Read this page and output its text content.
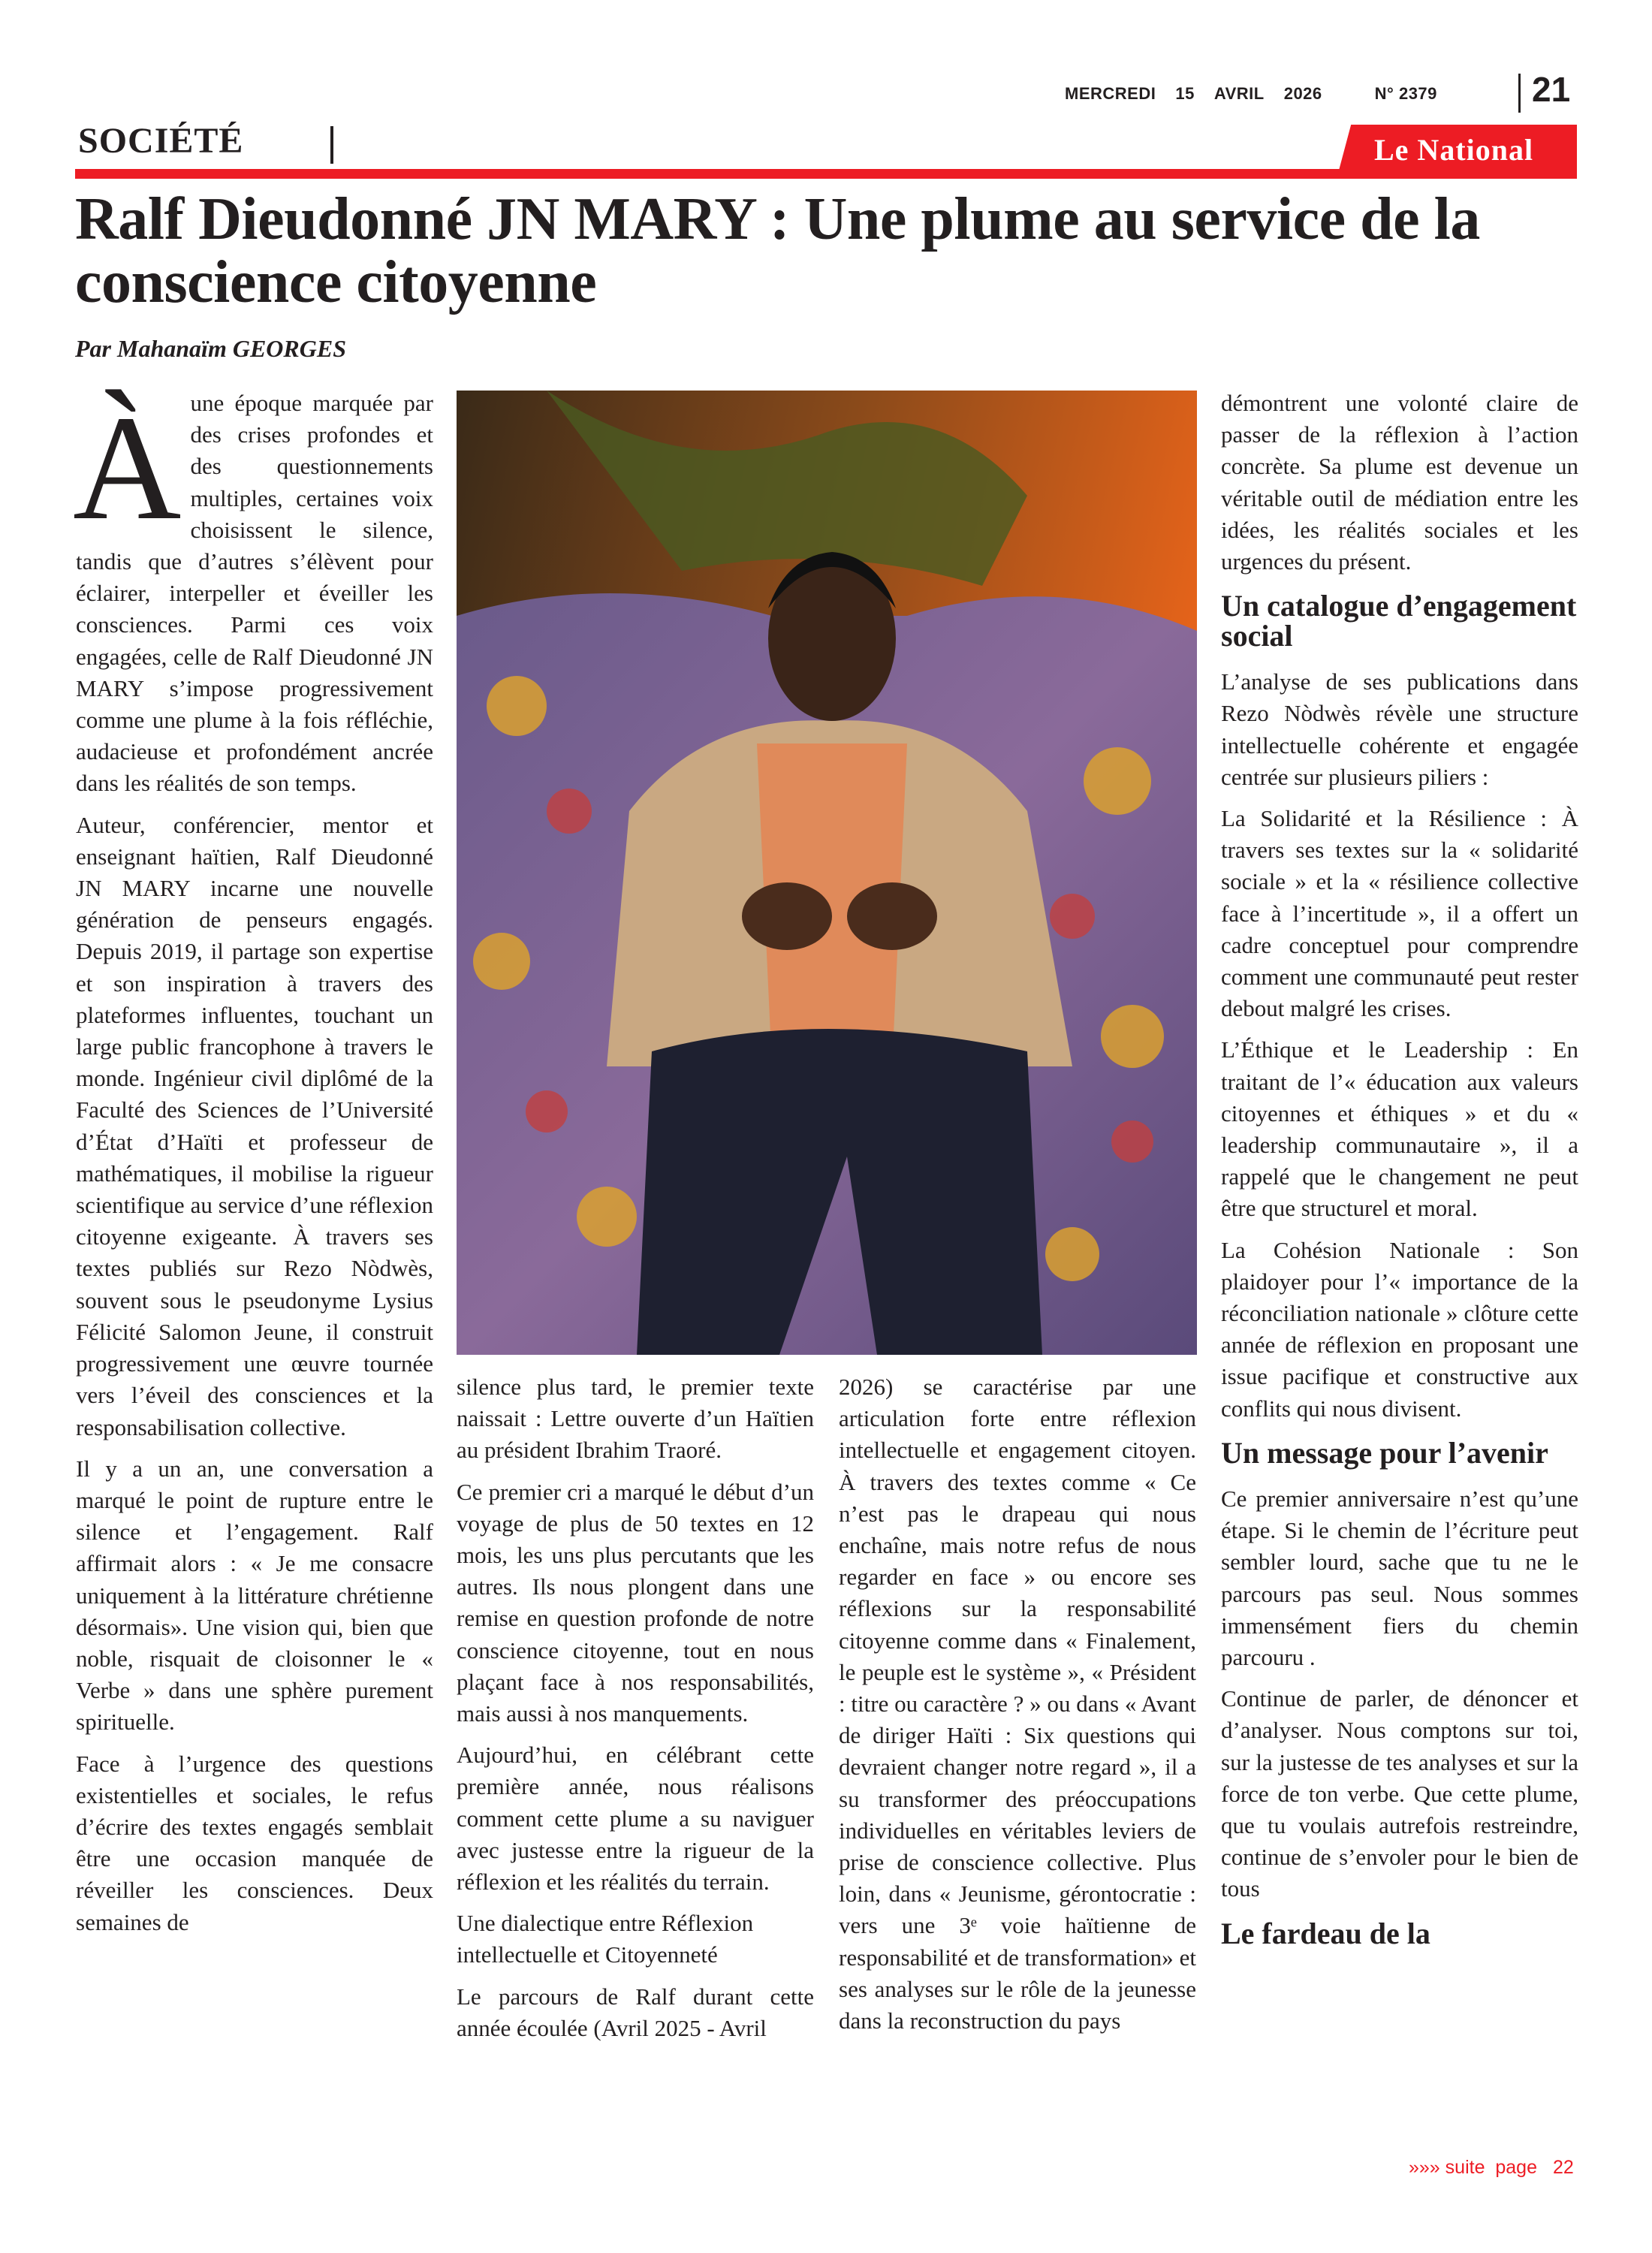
MERCREDI 15 AVRIL 2026	N° 2379	21
SOCIÉTÉ	Le National
Ralf Dieudonné JN MARY : Une plume au service de la conscience citoyenne
Par Mahanaïm GEORGES

À une époque marquée par des crises profondes et des questionnements multiples, certaines voix choisissent le silence, tandis que d’autres s’élèvent pour éclairer, interpeller et éveiller les consciences. Parmi ces voix engagées, celle de Ralf Dieudonné JN MARY s’impose progressivement comme une plume à la fois réfléchie, audacieuse et profondément ancrée dans les réalités de son temps.

Auteur, conférencier, mentor et enseignant haïtien, Ralf Dieudonné JN MARY incarne une nouvelle génération de penseurs engagés. Depuis 2019, il partage son expertise et son inspiration à travers des plateformes influentes, touchant un large public francophone à travers le monde. Ingénieur civil diplômé de la Faculté des Sciences de l’Université d’État d’Haïti et professeur de mathématiques, il mobilise la rigueur scientifique au service d’une réflexion citoyenne exigeante. À travers ses textes publiés sur Rezo Nòdwès, souvent sous le pseudonyme Lysius Félicité Salomon Jeune, il construit progressivement une œuvre tournée vers l’éveil des consciences et la responsabilisation collective.

Il y a un an, une conversation a marqué le point de rupture entre le silence et l’engagement. Ralf affirmait alors : « Je me consacre uniquement à la littérature chrétienne désormais». Une vision qui, bien que noble, risquait de cloisonner le « Verbe » dans une sphère purement spirituelle.

Face à l’urgence des questions existentielles et sociales, le refus d’écrire des textes engagés semblait être une occasion manquée de réveiller les consciences. Deux semaines de

silence plus tard, le premier texte naissait : Lettre ouverte d’un Haïtien au président Ibrahim Traoré.

Ce premier cri a marqué le début d’un voyage de plus de 50 textes en 12 mois, les uns plus percutants que les autres. Ils nous plongent dans une remise en question profonde de notre conscience citoyenne, tout en nous plaçant face à nos responsabilités, mais aussi à nos manquements.

Aujourd’hui, en célébrant cette première année, nous réalisons comment cette plume a su naviguer avec justesse entre la rigueur de la réflexion et les réalités du terrain.

Une dialectique entre Réflexion intellectuelle et Citoyenneté

Le parcours de Ralf durant cette année écoulée (Avril 2025 - Avril

2026) se caractérise par une articulation forte entre réflexion intellectuelle et engagement citoyen. À travers des textes comme « Ce n’est pas le drapeau qui nous enchaîne, mais notre refus de nous regarder en face » ou encore ses réflexions sur la responsabilité citoyenne comme dans « Finalement, le peuple est le système », « Président : titre ou caractère ? » ou dans « Avant de diriger Haïti : Six questions qui devraient changer notre regard », il a su transformer des préoccupations individuelles en véritables leviers de prise de conscience collective. Plus loin, dans « Jeunisme, gérontocratie : vers une 3ᵉ voie haïtienne de responsabilité et de transformation» et ses analyses sur le rôle de la jeunesse dans la reconstruction du pays

démontrent une volonté claire de passer de la réflexion à l’action concrète. Sa plume est devenue un véritable outil de médiation entre les idées, les réalités sociales et les urgences du présent.

Un catalogue d’engagement social

L’analyse de ses publications dans Rezo Nòdwès révèle une structure intellectuelle cohérente et engagée centrée sur plusieurs piliers :

La Solidarité et la Résilience : À travers ses textes sur la « solidarité sociale » et la « résilience collective face à l’incertitude », il a offert un cadre conceptuel pour comprendre comment une communauté peut rester debout malgré les crises.

L’Éthique et le Leadership : En traitant de l’« éducation aux valeurs citoyennes et éthiques » et du « leadership communautaire », il a rappelé que le changement ne peut être que structurel et moral.

La Cohésion Nationale : Son plaidoyer pour l’« importance de la réconciliation nationale » clôture cette année de réflexion en proposant une issue pacifique et constructive aux conflits qui nous divisent.

Un message pour l’avenir

Ce premier anniversaire n’est qu’une étape. Si le chemin de l’écriture peut sembler lourd, sache que tu ne le parcours pas seul. Nous sommes immensément fiers du chemin parcouru .

Continue de parler, de dénoncer et d’analyser. Nous comptons sur toi, sur la justesse de tes analyses et sur la force de ton verbe. Que cette plume, que tu voulais autrefois restreindre, continue de s’envoler pour le bien de tous

Le fardeau de la
»»» suite  page 22
